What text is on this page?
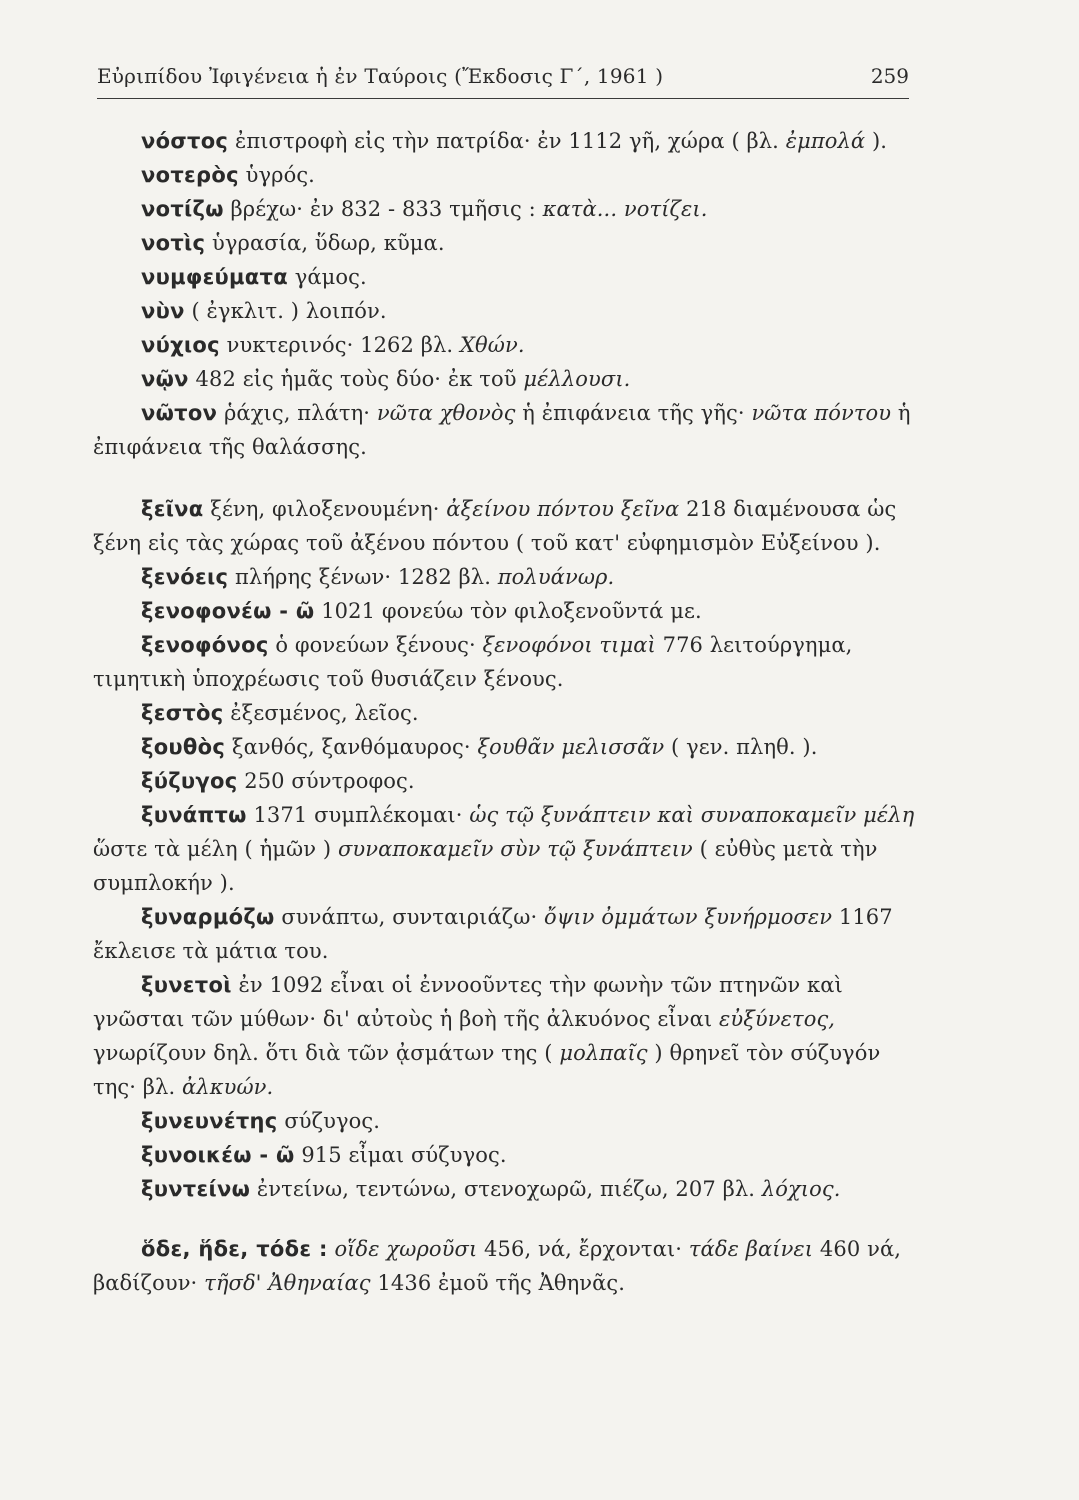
Εὐριπίδου Ἰφιγένεια ἡ ἐν Ταύροις (Ἔκδοσις Γ΄, 1961 )	259

νόστος ἐπιστροφὴ εἰς τὴν πατρίδα· ἐν 1112 γῆ, χώρα ( βλ. ἐμπολά ).

νοτερὸς ὑγρός.

νοτίζω βρέχω· ἐν 832 - 833 τμῆσις : κατὰ... νοτίζει.

νοτὶς ὑγρασία, ὕδωρ, κῦμα.

νυμφεύματα γάμος.

νὺν ( ἐγκλιτ. ) λοιπόν.

νύχιος νυκτερινός· 1262 βλ. Χθών.

νῷν 482 εἰς ἡμᾶς τοὺς δύο· ἐκ τοῦ μέλλουσι.

νῶτον ῥάχις, πλάτη· νῶτα χθονὸς ἡ ἐπιφάνεια τῆς γῆς· νῶτα πόντου ἡ ἐπιφάνεια τῆς θαλάσσης.

ξεῖνα ξένη, φιλοξενουμένη· ἀξείνου πόντου ξεῖνα 218 διαμένουσα ὡς ξένη εἰς τὰς χώρας τοῦ ἀξένου πόντου ( τοῦ κατ' εὐφημισμὸν Εὐξείνου ).

ξενόεις πλήρης ξένων· 1282 βλ. πολυάνωρ.

ξενοφονέω - ῶ 1021 φονεύω τὸν φιλοξενοῦντά με.

ξενοφόνος ὁ φονεύων ξένους· ξενοφόνοι τιμαὶ 776 λειτούργημα, τιμητικὴ ὑποχρέωσις τοῦ θυσιάζειν ξένους.

ξεστὸς ἐξεσμένος, λεῖος.

ξουθὸς ξανθός, ξανθόμαυρος· ξουθᾶν μελισσᾶν ( γεν. πληθ. ).

ξύζυγος 250 σύντροφος.

ξυνάπτω 1371 συμπλέκομαι· ὡς τῷ ξυνάπτειν καὶ συναποκαμεῖν μέλη ὥστε τὰ μέλη ( ἡμῶν ) συναποκαμεῖν σὺν τῷ ξυνάπτειν ( εὐθὺς μετὰ τὴν συμπλοκήν ).

ξυναρμόζω συνάπτω, συνταιριάζω· ὄψιν ὀμμάτων ξυνήρμοσεν 1167 ἔκλεισε τὰ μάτια του.

ξυνετοὶ ἐν 1092 εἶναι οἱ ἐννοοῦντες τὴν φωνὴν τῶν πτηνῶν καὶ γνῶσται τῶν μύθων· δι' αὐτοὺς ἡ βοὴ τῆς ἀλκυόνος εἶναι εὐξύνετος, γνωρίζουν δηλ. ὅτι διὰ τῶν ᾀσμάτων της ( μολπαῖς ) θρηνεῖ τὸν σύζυγόν της· βλ. ἀλκυών.

ξυνευνέτης σύζυγος.

ξυνοικέω - ῶ 915 εἶμαι σύζυγος.

ξυντείνω ἐντείνω, τεντώνω, στενοχωρῶ, πιέζω, 207 βλ. λόχιος.

ὅδε, ἥδε, τόδε : οἵδε χωροῦσι 456, νά, ἔρχονται· τάδε βαίνει 460 νά, βαδίζουν· τῆσδ' Ἀθηναίας 1436 ἐμοῦ τῆς Ἀθηνᾶς.
